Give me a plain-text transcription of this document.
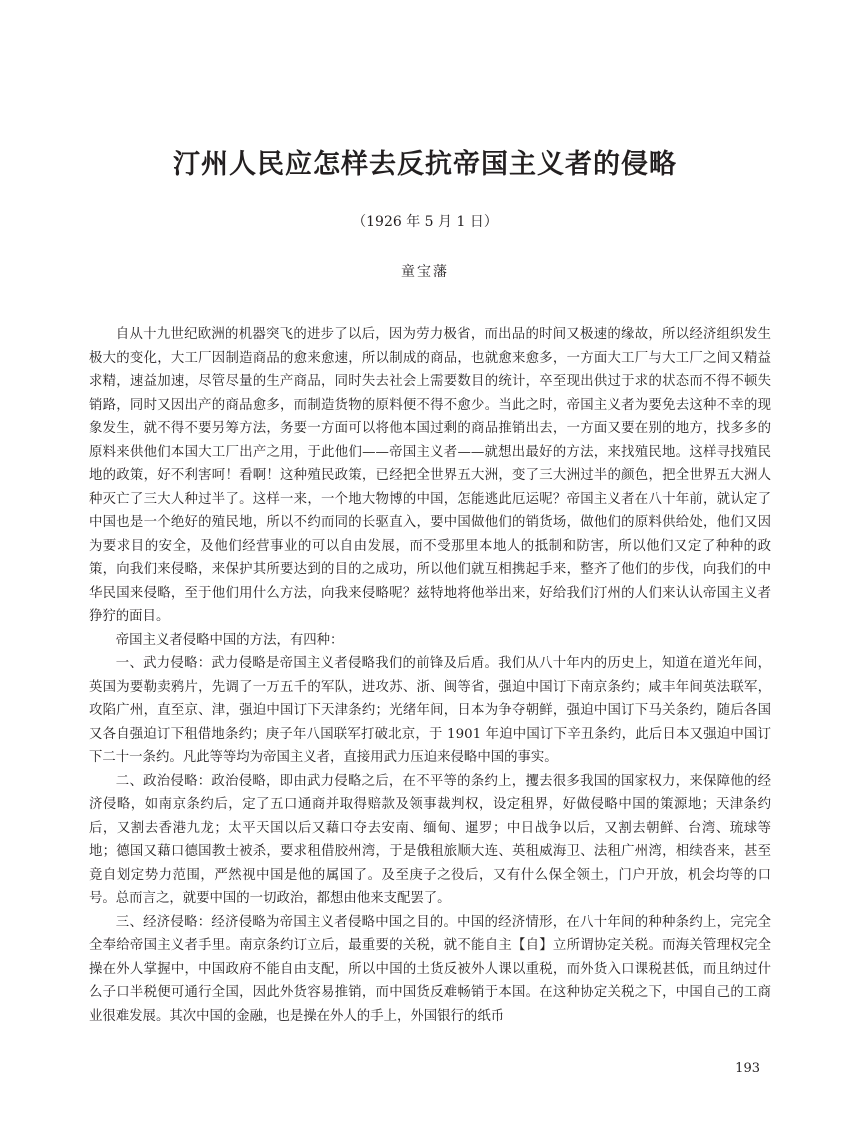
汀州人民应怎样去反抗帝国主义者的侵略
（1926 年 5 月 1 日）
童宝藩

自从十九世纪欧洲的机器突飞的进步了以后，因为劳力极省，而出品的时间又极速的缘故，所以经济组织发生极大的变化，大工厂因制造商品的愈来愈速，所以制成的商品，也就愈来愈多，一方面大工厂与大工厂之间又精益求精，速益加速，尽管尽量的生产商品，同时失去社会上需要数目的统计，卒至现出供过于求的状态而不得不顿失销路，同时又因出产的商品愈多，而制造货物的原料便不得不愈少。当此之时，帝国主义者为要免去这种不幸的现象发生，就不得不要另筹方法，务要一方面可以将他本国过剩的商品推销出去，一方面又要在别的地方，找多多的原料来供他们本国大工厂出产之用，于此他们——帝国主义者——就想出最好的方法，来找殖民地。这样寻找殖民地的政策，好不利害呵！看啊！这种殖民政策，已经把全世界五大洲，变了三大洲过半的颜色，把全世界五大洲人种灭亡了三大人种过半了。这样一来，一个地大物博的中国，怎能逃此厄运呢？帝国主义者在八十年前，就认定了中国也是一个绝好的殖民地，所以不约而同的长驱直入，要中国做他们的销货场，做他们的原料供给处，他们又因为要求目的安全，及他们经营事业的可以自由发展，而不受那里本地人的抵制和防害，所以他们又定了种种的政策，向我们来侵略，来保护其所要达到的目的之成功，所以他们就互相携起手来，整齐了他们的步伐，向我们的中华民国来侵略，至于他们用什么方法，向我来侵略呢？兹特地将他举出来，好给我们汀州的人们来认认帝国主义者狰狞的面目。

帝国主义者侵略中国的方法，有四种：

一、武力侵略：武力侵略是帝国主义者侵略我们的前锋及后盾。我们从八十年内的历史上，知道在道光年间，英国为要勒卖鸦片，先调了一万五千的军队，进攻苏、浙、闽等省，强迫中国订下南京条约；咸丰年间英法联军，攻陷广州，直至京、津，强迫中国订下天津条约；光绪年间，日本为争夺朝鲜，强迫中国订下马关条约，随后各国又各自强迫订下租借地条约；庚子年八国联军打破北京，于 1901 年迫中国订下辛丑条约，此后日本又强迫中国订下二十一条约。凡此等等均为帝国主义者，直接用武力压迫来侵略中国的事实。

二、政治侵略：政治侵略，即由武力侵略之后，在不平等的条约上，攫去很多我国的国家权力，来保障他的经济侵略，如南京条约后，定了五口通商并取得赔款及领事裁判权，设定租界，好做侵略中国的策源地；天津条约后，又割去香港九龙；太平天国以后又藉口夺去安南、缅甸、暹罗；中日战争以后，又割去朝鲜、台湾、琉球等地；德国又藉口德国教士被杀，要求租借胶州湾，于是俄租旅顺大连、英租威海卫、法租广州湾，相续沓来，甚至竟自划定势力范围，严然视中国是他的属国了。及至庚子之役后，又有什么保全领土，门户开放，机会均等的口号。总而言之，就要中国的一切政治，都想由他来支配罢了。

三、经济侵略：经济侵略为帝国主义者侵略中国之目的。中国的经济情形，在八十年间的种种条约上，完完全全奉给帝国主义者手里。南京条约订立后，最重要的关税，就不能自主【自】立所谓协定关税。而海关管理权完全操在外人掌握中，中国政府不能自由支配，所以中国的土货反被外人课以重税，而外货入口课税甚低，而且纳过什么子口半税便可通行全国，因此外货容易推销，而中国货反难畅销于本国。在这种协定关税之下，中国自己的工商业很难发展。其次中国的金融，也是操在外人的手上，外国银行的纸币

193
